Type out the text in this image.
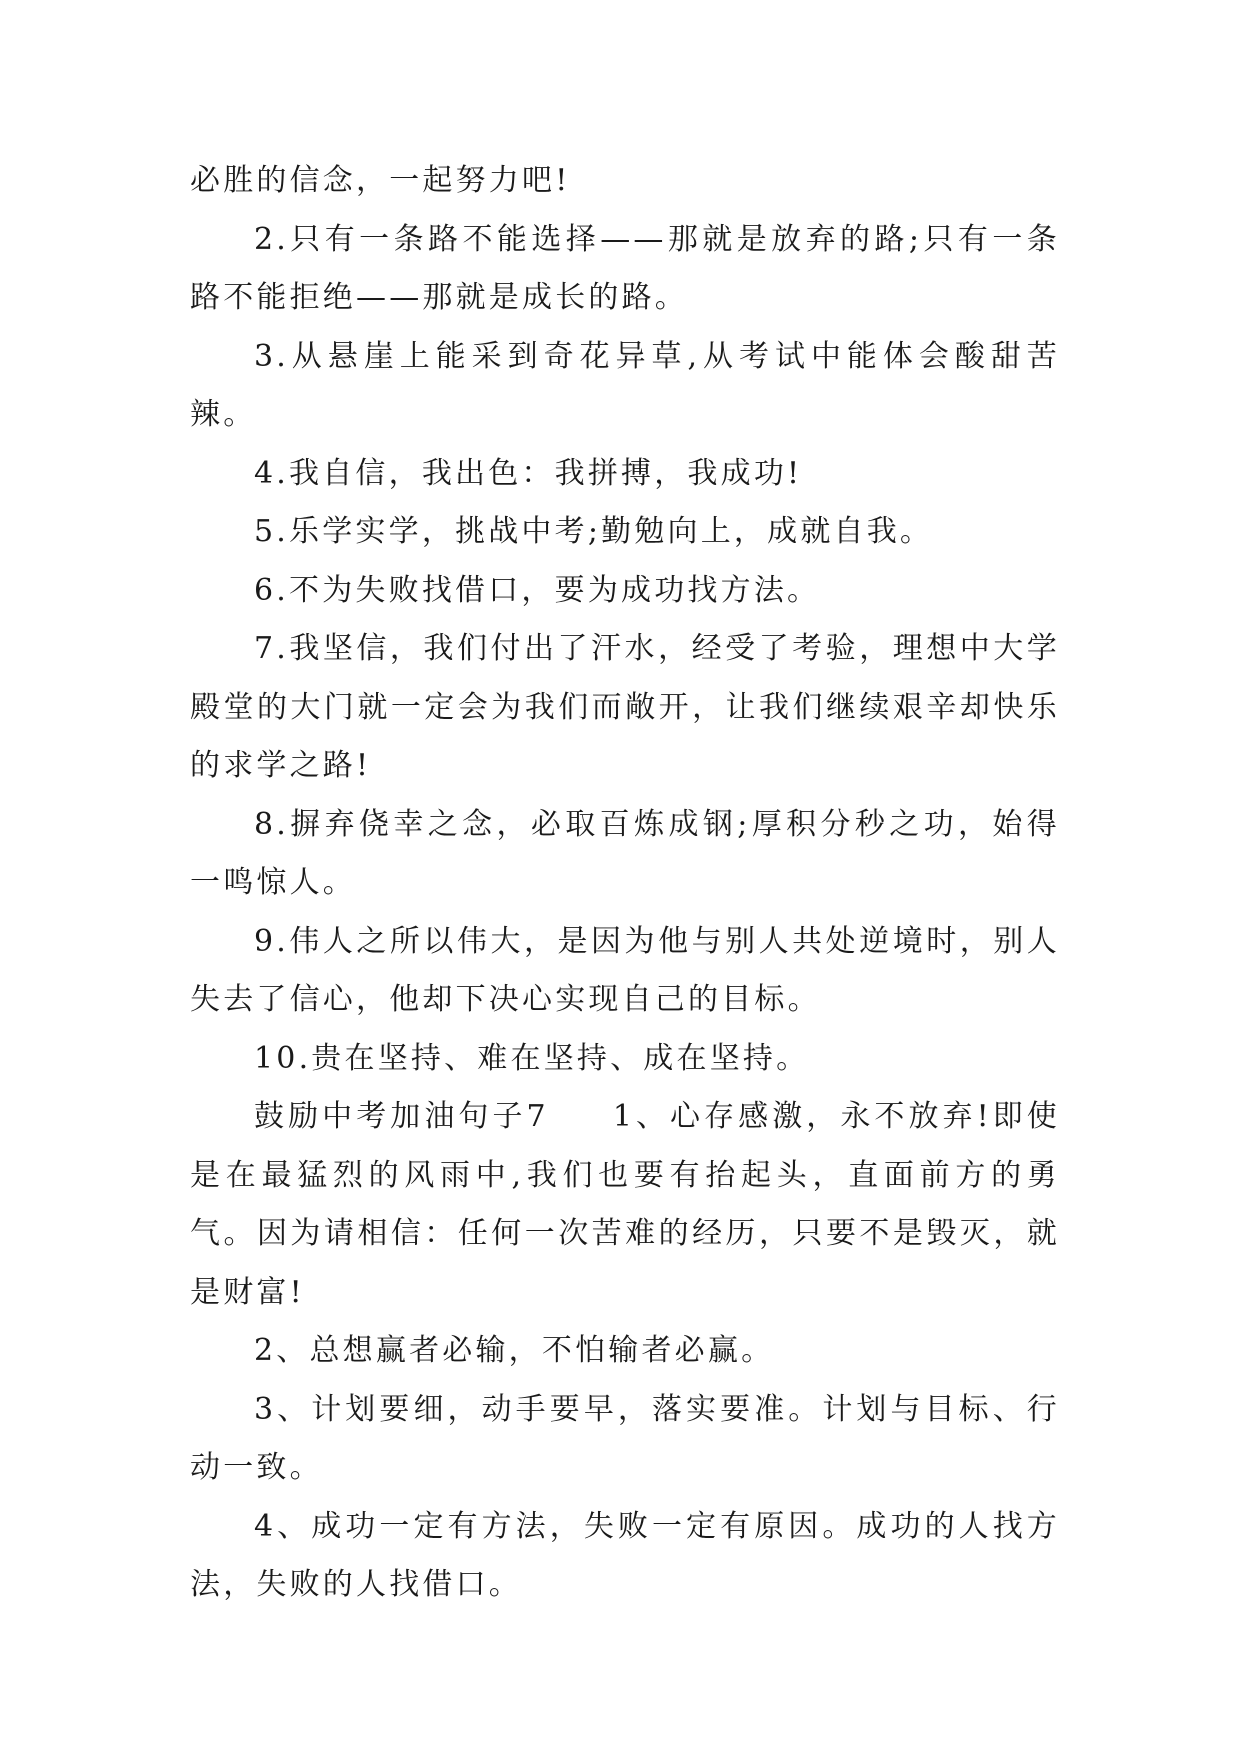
必胜的信念，一起努力吧!

2.只有一条路不能选择——那就是放弃的路;只有一条路不能拒绝——那就是成长的路。

3.从悬崖上能采到奇花异草,从考试中能体会酸甜苦辣。

4.我自信，我出色：我拼搏，我成功!

5.乐学实学，挑战中考;勤勉向上，成就自我。

6.不为失败找借口，要为成功找方法。

7.我坚信，我们付出了汗水，经受了考验，理想中大学殿堂的大门就一定会为我们而敞开，让我们继续艰辛却快乐的求学之路!

8.摒弃侥幸之念，必取百炼成钢;厚积分秒之功，始得一鸣惊人。

9.伟人之所以伟大，是因为他与别人共处逆境时，别人失去了信心，他却下决心实现自己的目标。

10.贵在坚持、难在坚持、成在坚持。

鼓励中考加油句子7 1、心存感激，永不放弃!即使是在最猛烈的风雨中,我们也要有抬起头，直面前方的勇气。因为请相信：任何一次苦难的经历，只要不是毁灭，就是财富!

2、总想赢者必输，不怕输者必赢。

3、计划要细，动手要早，落实要准。计划与目标、行动一致。

4、成功一定有方法，失败一定有原因。成功的人找方法，失败的人找借口。
